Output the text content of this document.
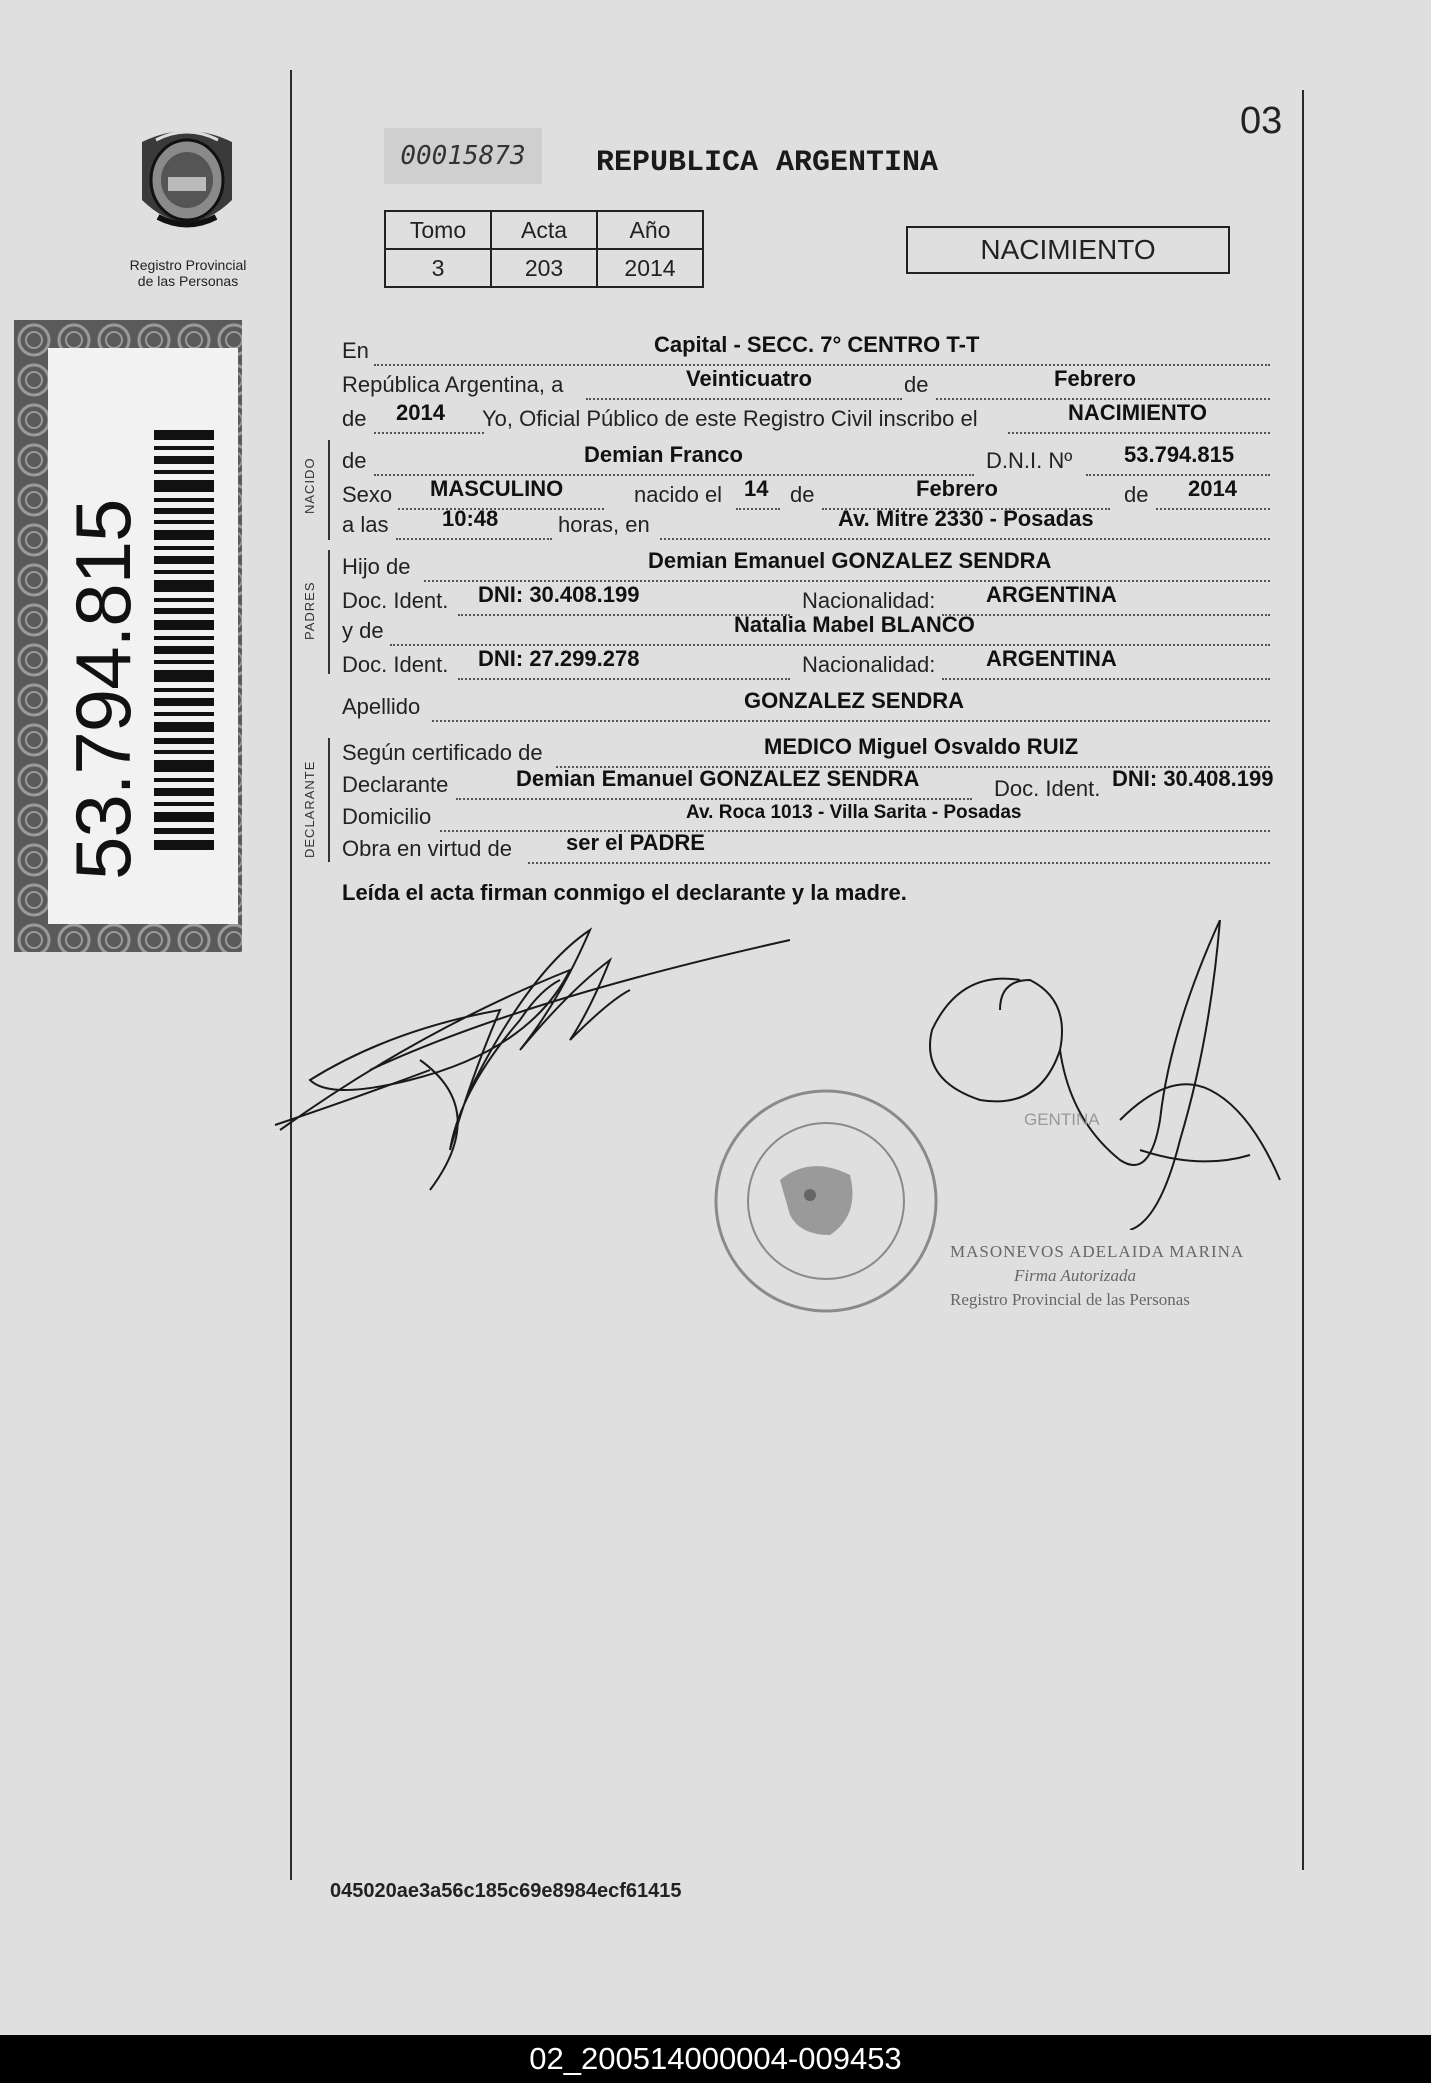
Registro Provincial
de las Personas
53.794.815
00015873	REPUBLICA ARGENTINA
03
Tomo	Acta	Año
3	203	2014
NACIMIENTO
En	Capital - SECC. 7° CENTRO T-T
República Argentina, a	Veinticuatro	de	Febrero
de 2014 Yo, Oficial Público de este Registro Civil inscribo el	NACIMIENTO
NACIDO de	Demian Franco	D.N.I. Nº 53.794.815
Sexo MASCULINO	nacido el 14 de	Febrero	de 2014
a las 10:48	horas, en	Av. Mitre 2330 - Posadas
PADRES
Hijo de	Demian Emanuel GONZALEZ SENDRA
Doc. Ident. DNI: 30.408.199	Nacionalidad: ARGENTINA
y de	Natalia Mabel BLANCO
Doc. Ident. DNI: 27.299.278	Nacionalidad: ARGENTINA
Apellido	GONZALEZ SENDRA
DECLARANTE
Según certificado de	MEDICO Miguel Osvaldo RUIZ
Declarante	Demian Emanuel GONZALEZ SENDRA	Doc. Ident. DNI: 30.408.199
Domicilio	Av. Roca 1013 - Villa Sarita - Posadas
Obra en virtud de ser el PADRE
Leída el acta firman conmigo el declarante y la madre.
GENTINA
MASONEVOS ADELAIDA MARINA
Firma Autorizada
Registro Provincial de las Personas
045020ae3a56c185c69e8984ecf61415
02_200514000004-009453
